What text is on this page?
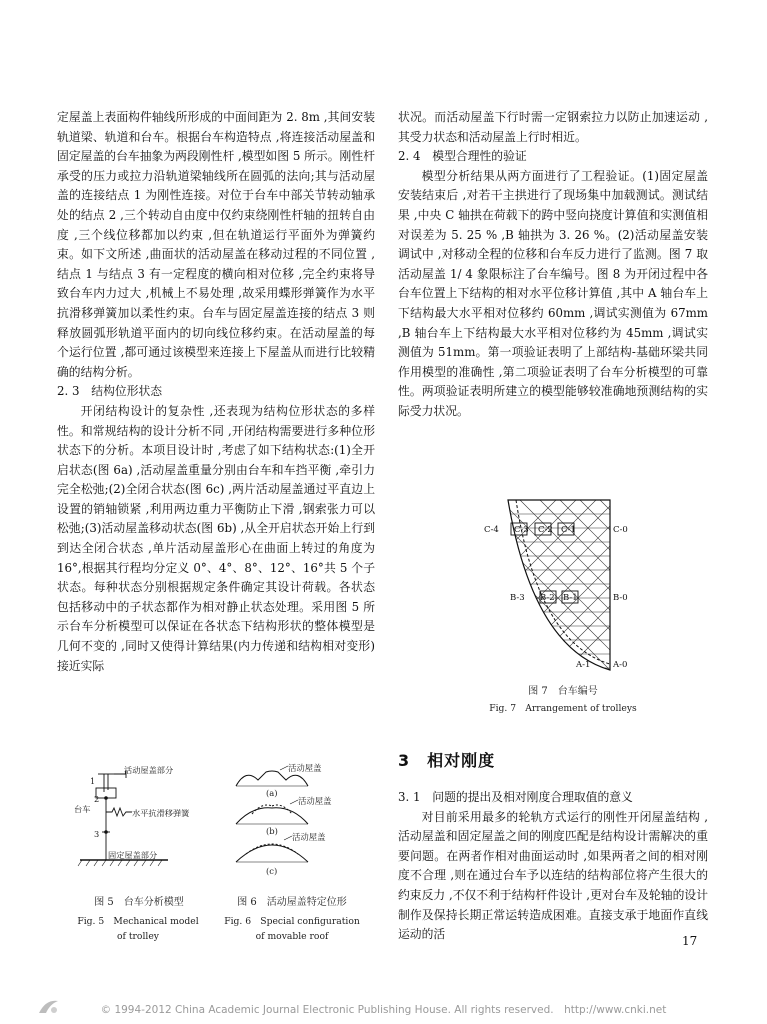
定屋盖上表面构件轴线所形成的中面间距为 2. 8m ,其间安装轨道梁、轨道和台车。根据台车构造特点 ,将连接活动屋盖和固定屋盖的台车抽象为两段刚性杆 ,模型如图 5 所示。刚性杆承受的压力或拉力沿轨道梁轴线所在圆弧的法向;其与活动屋盖的连接结点 1 为刚性连接。对位于台车中部关节转动轴承处的结点 2 ,三个转动自由度中仅约束绕刚性杆轴的扭转自由度 ,三个线位移都加以约束 ,但在轨道运行平面外为弹簧约束。如下文所述 ,曲面状的活动屋盖在移动过程的不同位置 ,结点 1 与结点 3 有一定程度的横向相对位移 ,完全约束将导致台车内力过大 ,机械上不易处理 ,故采用蝶形弹簧作为水平抗滑移弹簧加以柔性约束。台车与固定屋盖连接的结点 3 则释放圆弧形轨道平面内的切向线位移约束。在活动屋盖的每个运行位置 ,都可通过该模型来连接上下屋盖从而进行比较精确的结构分析。

2. 3　结构位形状态

开闭结构设计的复杂性 ,还表现为结构位形状态的多样性。和常规结构的设计分析不同 ,开闭结构需要进行多种位形状态下的分析。本项目设计时 ,考虑了如下结构状态:(1)全开启状态(图 6a) ,活动屋盖重量分别由台车和车挡平衡 ,牵引力完全松弛;(2)全闭合状态(图 6c) ,两片活动屋盖通过平直边上设置的销轴锁紧 ,利用两边重力平衡防止下滑 ,钢索张力可以松弛;(3)活动屋盖移动状态(图 6b) ,从全开启状态开始上行到到达全闭合状态 ,单片活动屋盖形心在曲面上转过的角度为 16°,根据其行程均分定义 0°、4°、8°、12°、16°共 5 个子状态。每种状态分别根据规定条件确定其设计荷载。各状态包括移动中的子状态都作为相对静止状态处理。采用图 5 所示台车分析模型可以保证在各状态下结构形状的整体模型是几何不变的 ,同时又使得计算结果(内力传递和结构相对变形)接近实际

状况。而活动屋盖下行时需一定钢索拉力以防止加速运动 ,其受力状态和活动屋盖上行时相近。

2. 4　模型合理性的验证

模型分析结果从两方面进行了工程验证。(1)固定屋盖安装结束后 ,对若干主拱进行了现场集中加载测试。测试结果 ,中央 C 轴拱在荷载下的跨中竖向挠度计算值和实测值相对误差为 5. 25 % ,B 轴拱为 3. 26 %。(2)活动屋盖安装调试中 ,对移动全程的位移和台车反力进行了监测。图 7 取活动屋盖 1/ 4 象限标注了台车编号。图 8 为开闭过程中各台车位置上下结构的相对水平位移计算值 ,其中 A 轴台车上下结构最大水平相对位移约 60mm ,调试实测值为 67mm ,B 轴台车上下结构最大水平相对位移约为 45mm ,调试实测值为 51mm。第一项验证表明了上部结构-基础环梁共同作用模型的准确性 ,第二项验证表明了台车分析模型的可靠性。两项验证表明所建立的模型能够较准确地预测结构的实际受力状况。

C-4 C-3 C-2 C-1	C-0
B-3 B-2 B-1	B-0
A-1	A-0
图 7　台车编号
Fig. 7　Arrangement of trolleys
活动屋盖部分
台车	水平抗滑移弹簧
固定屋盖部分
1
2
3
图 5　台车分析模型
Fig. 5　Mechanical model
of trolley
活动屋盖
(a)
活动屋盖
(b)
活动屋盖
(c)
图 6　活动屋盖特定位形
Fig. 6　Special configuration
of movable roof
3　相对刚度

3. 1　问题的提出及相对刚度合理取值的意义

对目前采用最多的轮轨方式运行的刚性开闭屋盖结构 ,活动屋盖和固定屋盖之间的刚度匹配是结构设计需解决的重要问题。在两者作相对曲面运动时 ,如果两者之间的相对刚度不合理 ,则在通过台车予以连结的结构部位将产生很大的约束反力 ,不仅不利于结构杆件设计 ,更对台车及轮轴的设计制作及保持长期正常运转造成困难。直接支承于地面作直线运动的活	17
© 1994-2012 China Academic Journal Electronic Publishing House. All rights reserved.　http://www.cnki.net
